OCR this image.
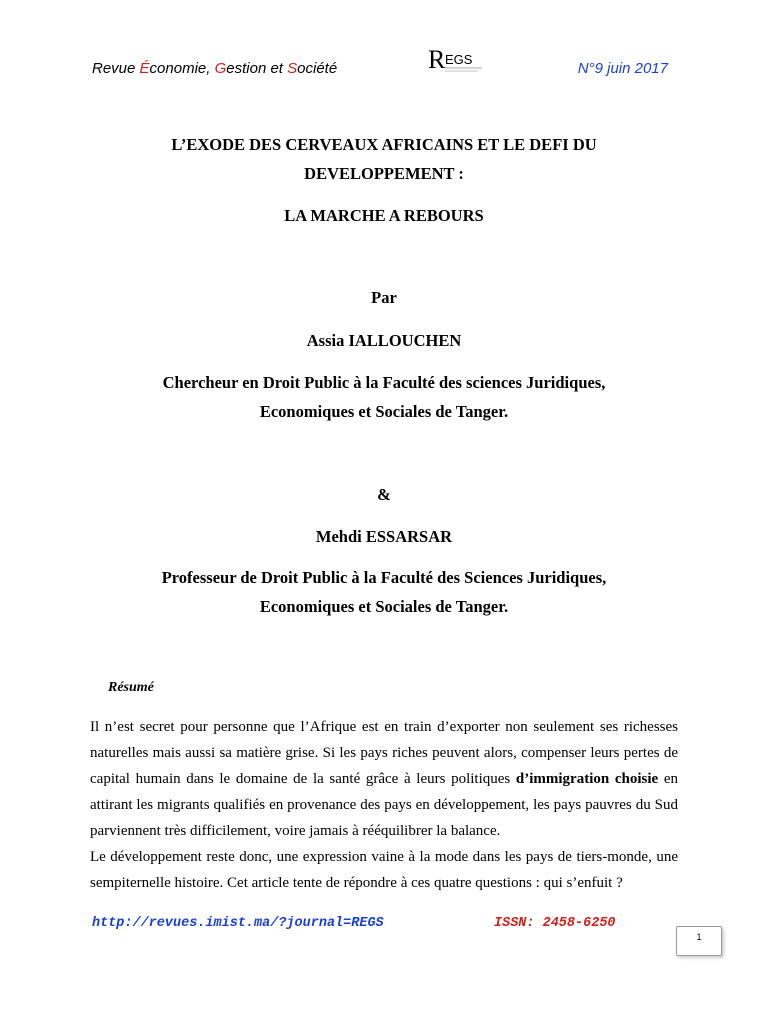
Revue Économie, Gestion et Société	R EGS
N°9 juin 2017
L’EXODE DES CERVEAUX AFRICAINS ET LE DEFI DU
DEVELOPPEMENT :
LA MARCHE A REBOURS
Par
Assia IALLOUCHEN
Chercheur en Droit Public à la Faculté des sciences Juridiques,
Economiques et Sociales de Tanger.
&
Mehdi ESSARSAR
Professeur de Droit Public à la Faculté des Sciences Juridiques,
Economiques et Sociales de Tanger.
Résumé

Il n’est secret pour personne que l’Afrique est en train d’exporter non seulement ses richesses naturelles mais aussi sa matière grise. Si les pays riches peuvent alors, compenser leurs pertes de capital humain dans le domaine de la santé grâce à leurs politiques d’immigration choisie en attirant les migrants qualifiés en provenance des pays en développement, les pays pauvres du Sud parviennent très difficilement, voire jamais à rééquilibrer la balance.

Le développement reste donc, une expression vaine à la mode dans les pays de tiers-monde, une sempiternelle histoire. Cet article tente de répondre à ces quatre questions : qui s’enfuit ?

http://revues.imist.ma/?journal=REGS	ISSN: 2458-6250
1
